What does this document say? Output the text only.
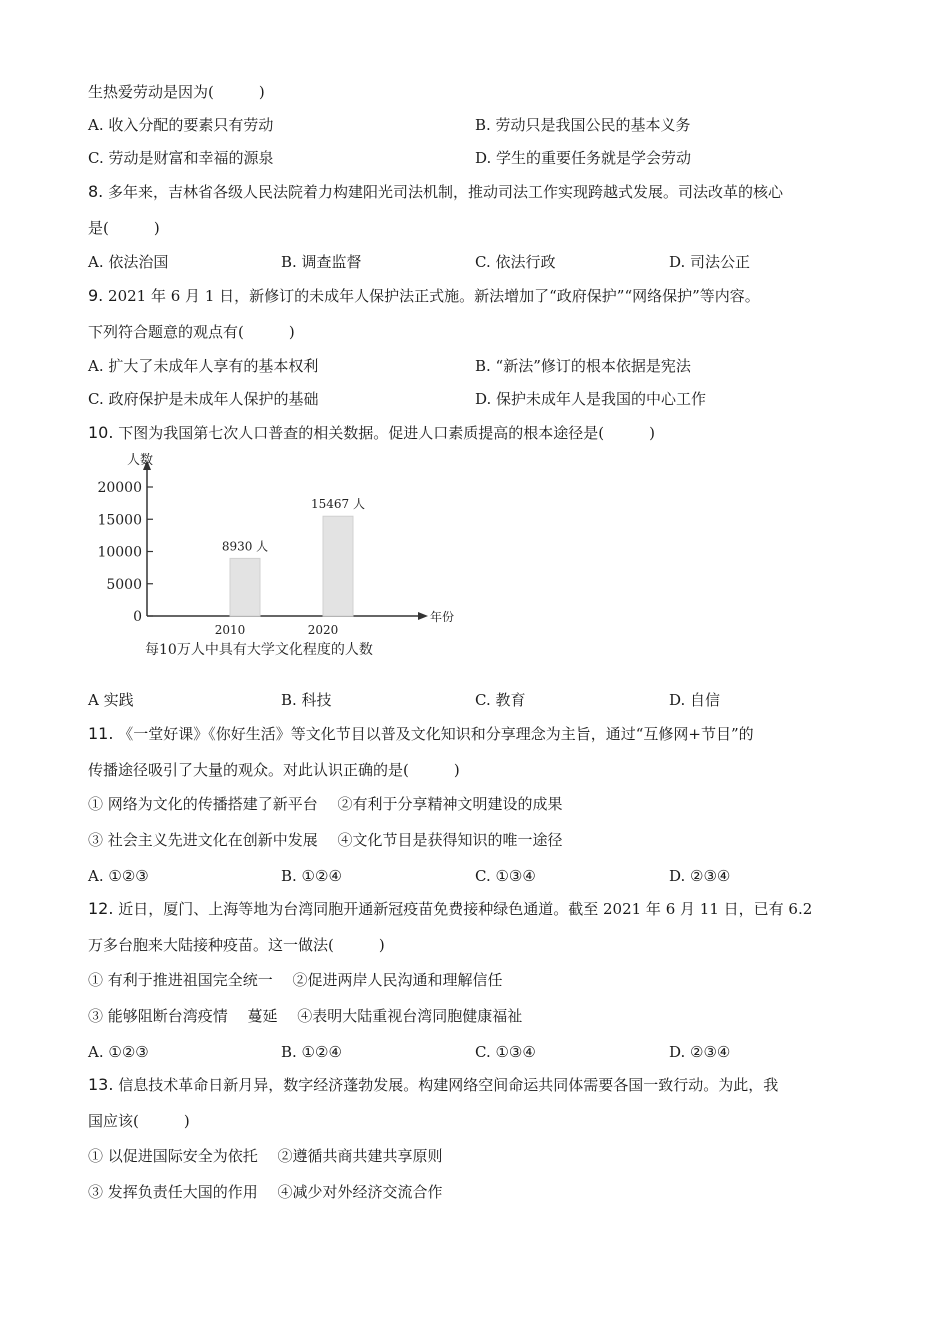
生热爱劳动是因为(　　　)
A. 收入分配的要素只有劳动	B. 劳动只是我国公民的基本义务
C. 劳动是财富和幸福的源泉	D. 学生的重要任务就是学会劳动
8. 多年来，吉林省各级人民法院着力构建阳光司法机制，推动司法工作实现跨越式发展。司法改革的核心
是(　　　)
A. 依法治国	B. 调查监督	C. 依法行政	D. 司法公正
9. 2021 年 6 月 1 日，新修订的未成年人保护法正式施。新法增加了“政府保护”“网络保护”等内容。
下列符合题意的观点有(　　　)
A. 扩大了未成年人享有的基本权利	B. “新法”修订的根本依据是宪法
C. 政府保护是未成年人保护的基础	D. 保护未成年人是我国的中心工作
10. 下图为我国第七次人口普查的相关数据。促进人口素质提高的根本途径是(　　　)
人数
年份
20000
15000
10000
5000
0
8930 人
2010
15467 人
2020
每10万人中具有大学文化程度的人数
A 实践	B. 科技	C. 教育	D. 自信
11. 《一堂好课》《你好生活》等文化节目以普及文化知识和分享理念为主旨，通过“互修网+节目”的
传播途径吸引了大量的观众。对此认识正确的是(　　　)
① 网络为文化的传播搭建了新平台　 ②有利于分享精神文明建设的成果
③ 社会主义先进文化在创新中发展　 ④文化节目是获得知识的唯一途径
A. ①②③	B. ①②④	C. ①③④	D. ②③④
12. 近日，厦门、上海等地为台湾同胞开通新冠疫苗免费接种绿色通道。截至 2021 年 6 月 11 日，已有 6.2
万多台胞来大陆接种疫苗。这一做法(　　　)
① 有利于推进祖国完全统一　 ②促进两岸人民沟通和理解信任
③ 能够阻断台湾疫情　 蔓延　 ④表明大陆重视台湾同胞健康福祉
A. ①②③	B. ①②④	C. ①③④	D. ②③④
13. 信息技术革命日新月异，数字经济蓬勃发展。构建网络空间命运共同体需要各国一致行动。为此，我
国应该(　　　)
① 以促进国际安全为依托　 ②遵循共商共建共享原则
③ 发挥负责任大国的作用　 ④减少对外经济交流合作
